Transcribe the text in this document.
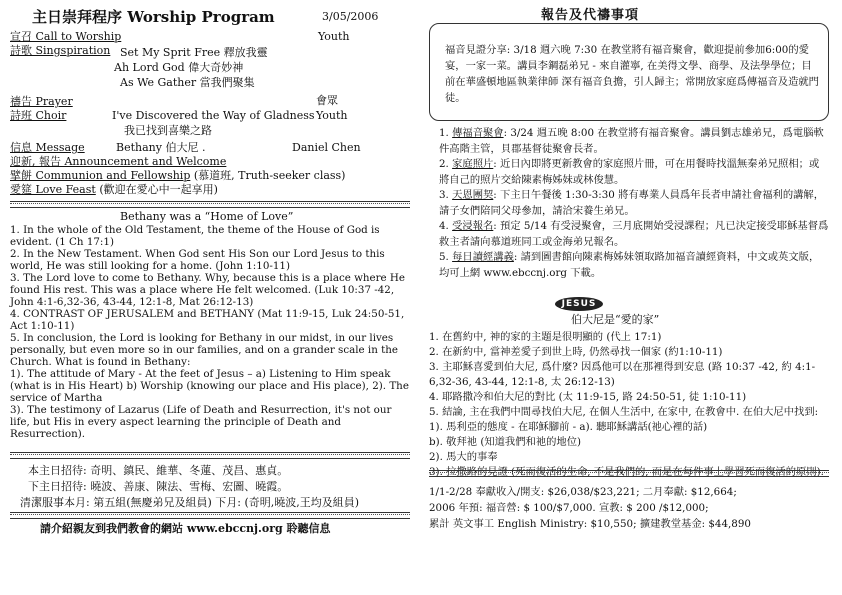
主日崇拜程序 Worship Program	3/05/2006
宣召 Call to Worship	Youth
詩歌 Singspiration Set My Sprit Free 釋放我靈
Ah Lord God 偉大奇妙神
As We Gather 當我們聚集
禱告 Prayer	會眾
詩班 Choir	I've Discovered the Way of Gladness Youth
我已找到喜樂之路
信息 Message	Bethany 伯大尼 .	Daniel Chen
迎新, 報告 Announcement and Welcome
擘餅 Communion and Fellowship (慕道班, Truth-seeker class)
愛筵 Love Feast (歡迎在愛心中一起享用)
Bethany was a “Home of Love”
1. In the whole of the Old Testament, the theme of the House of God is evident. (1 Ch 17:1)
2. In the New Testament. When God sent His Son our Lord Jesus to this world, He was still looking for a home. (John 1:10-11)
3. The Lord love to come to Bethany. Why, because this is a place where He found His rest. This was a place where He felt welcomed. (Luk 10:37 -42, John 4:1-6,32-36, 43-44, 12:1-8, Mat 26:12-13)
4. CONTRAST OF JERUSALEM and BETHANY (Mat 11:9-15, Luk 24:50-51, Act 1:10-11)
5. In conclusion, the Lord is looking for Bethany in our midst, in our lives personally, but even more so in our families, and on a grander scale in the Church. What is found in Bethany:
1). The attitude of Mary - At the feet of Jesus – a) Listening to Him speak (what is in His Heart) b) Worship (knowing our place and His place), 2). The service of Martha
3). The testimony of Lazarus (Life of Death and Resurrection, it's not our life, but His in every aspect learning the principle of Death and Resurrection).
本主日招待: 奇明、鎮民、維華、冬蓮、茂昌、惠貞。
下主日招待: 曉波、善康、陳法、雪梅、宏圖、曉霞。
清潔服事本月: 第五組(無慶弟兄及組員) 下月: (奇明,曉波,王均及組員)
請介紹親友到我們教會的網站 www.ebccnj.org 聆聽信息
報告及代禱事項
福音見證分享: 3/18 週六晚 7:30 在教堂將有福音聚會，歡迎提前參加6:00的愛宴，一家一菜。講員李鋼磊弟兄 - 來自灌寧, 在美得文學、商學、及法學學位；目前在華盛頓地區執業律師 深有福音負擔，引人歸主；常開放家庭爲傳福音及造就門徒。
1. 傳福音聚會: 3/24 週五晚 8:00 在教堂將有福音聚會。講員劉志雄弟兄，爲電腦軟件高階主管，貝郡基督徒聚會長者。
2. 家庭照片: 近日內即將更新教會的家庭照片冊，可在用餐時找溫無秦弟兄照相；或將自己的照片交給陳素梅姊妹或林俊慧。
3. 天恩團契: 下主日午餐後 1:30-3:30 將有專業人員爲年長者申請社會福利的講解，請子女們陪同父母參加，請洽宋養生弟兄。
4. 受浸報名: 預定 5/14 有受浸聚會，三月底開始受浸課程；凡已決定接受耶穌基督爲救主者請向慕道班同工或金海弟兄報名。
5. 每日讀經講義: 請到圖書館向陳素梅姊妹領取路加福音讀經資料，中文或英文版，均可上網 www.ebccnj.org 下載。
JESUS
伯大尼是“愛的家”
1. 在舊約中, 神的家的主題是很明顯的 (代上 17:1)
2. 在新約中, 當神差愛子到世上時, 仍然尋找一個家 (約1:10-11)
3. 主耶穌喜愛到伯大尼, 爲什麼? 因爲他可以在那裡得到安息 (路 10:37 -42, 約 4:1-6,32-36, 43-44, 12:1-8, 太 26:12-13)
4. 耶路撒冷和伯大尼的對比 (太 11:9-15, 路 24:50-51, 徒 1:10-11)
5. 結論, 主在我們中間尋找伯大尼, 在個人生活中, 在家中, 在教會中. 在伯大尼中找到:
1). 馬利亞的態度 - 在耶穌腳前 - a). 聽耶穌講話(祂心裡的話)
b). 敬拜祂 (知道我們和祂的地位)
2). 馬大的事奉
3). 拉撒路的見證 (死而復活的生命, 不是我們的, 而是在每件事上學習死而復活的原則).
1/1-2/28 奉獻收入/開支: $26,038/$23,221; 二月奉獻: $12,664;
2006 年預: 福音營: $ 100/$7,000. 宣教: $ 200 /$12,000;
累計 英文事工 English Ministry: $10,550; 擴建教堂基金: $44,890
